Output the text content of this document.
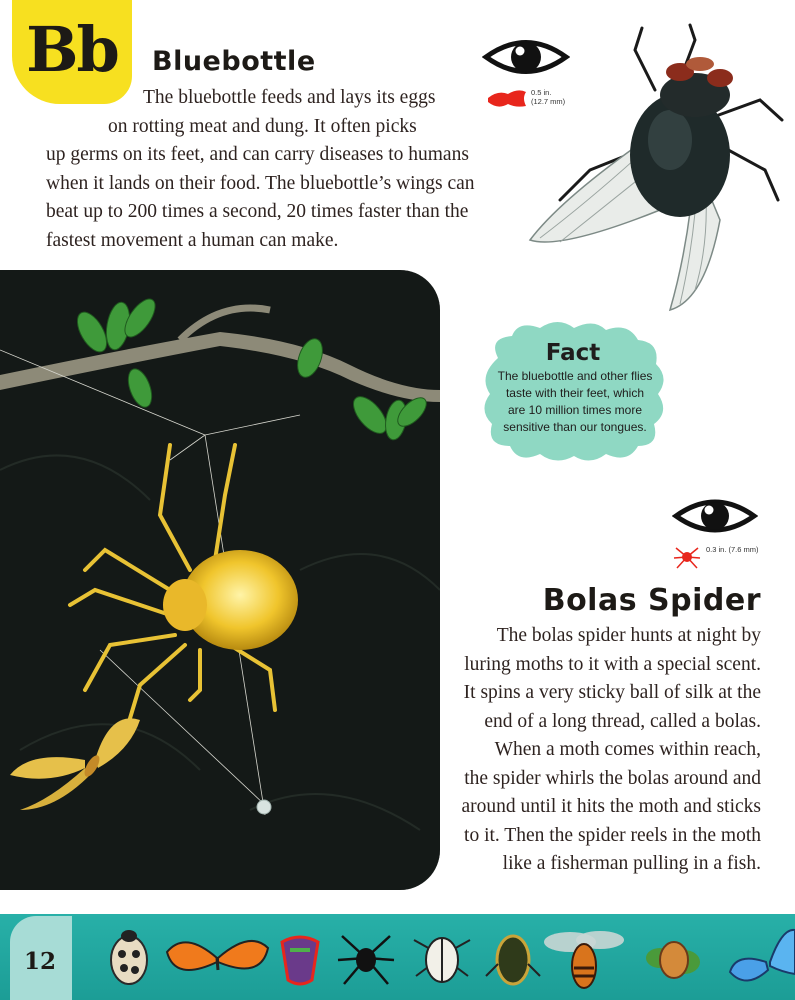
Bb Bluebottle
The bluebottle feeds and lays its eggs
on rotting meat and dung. It often picks
up germs on its feet, and can carry diseases to humans
when it lands on their food. The bluebottle’s wings can
beat up to 200 times a second, 20 times faster than the
fastest movement a human can make.
0.5 in.
(12.7 mm)
Fact
The bluebottle and other flies
taste with their feet, which
are 10 million times more
sensitive than our tongues.
0.3 in. (7.6 mm)
Bolas Spider
The bolas spider hunts at night by
luring moths to it with a special scent.
It spins a very sticky ball of silk at the
end of a long thread, called a bolas.
When a moth comes within reach,
the spider whirls the bolas around and
around until it hits the moth and sticks
to it. Then the spider reels in the moth
like a fisherman pulling in a fish.
12
